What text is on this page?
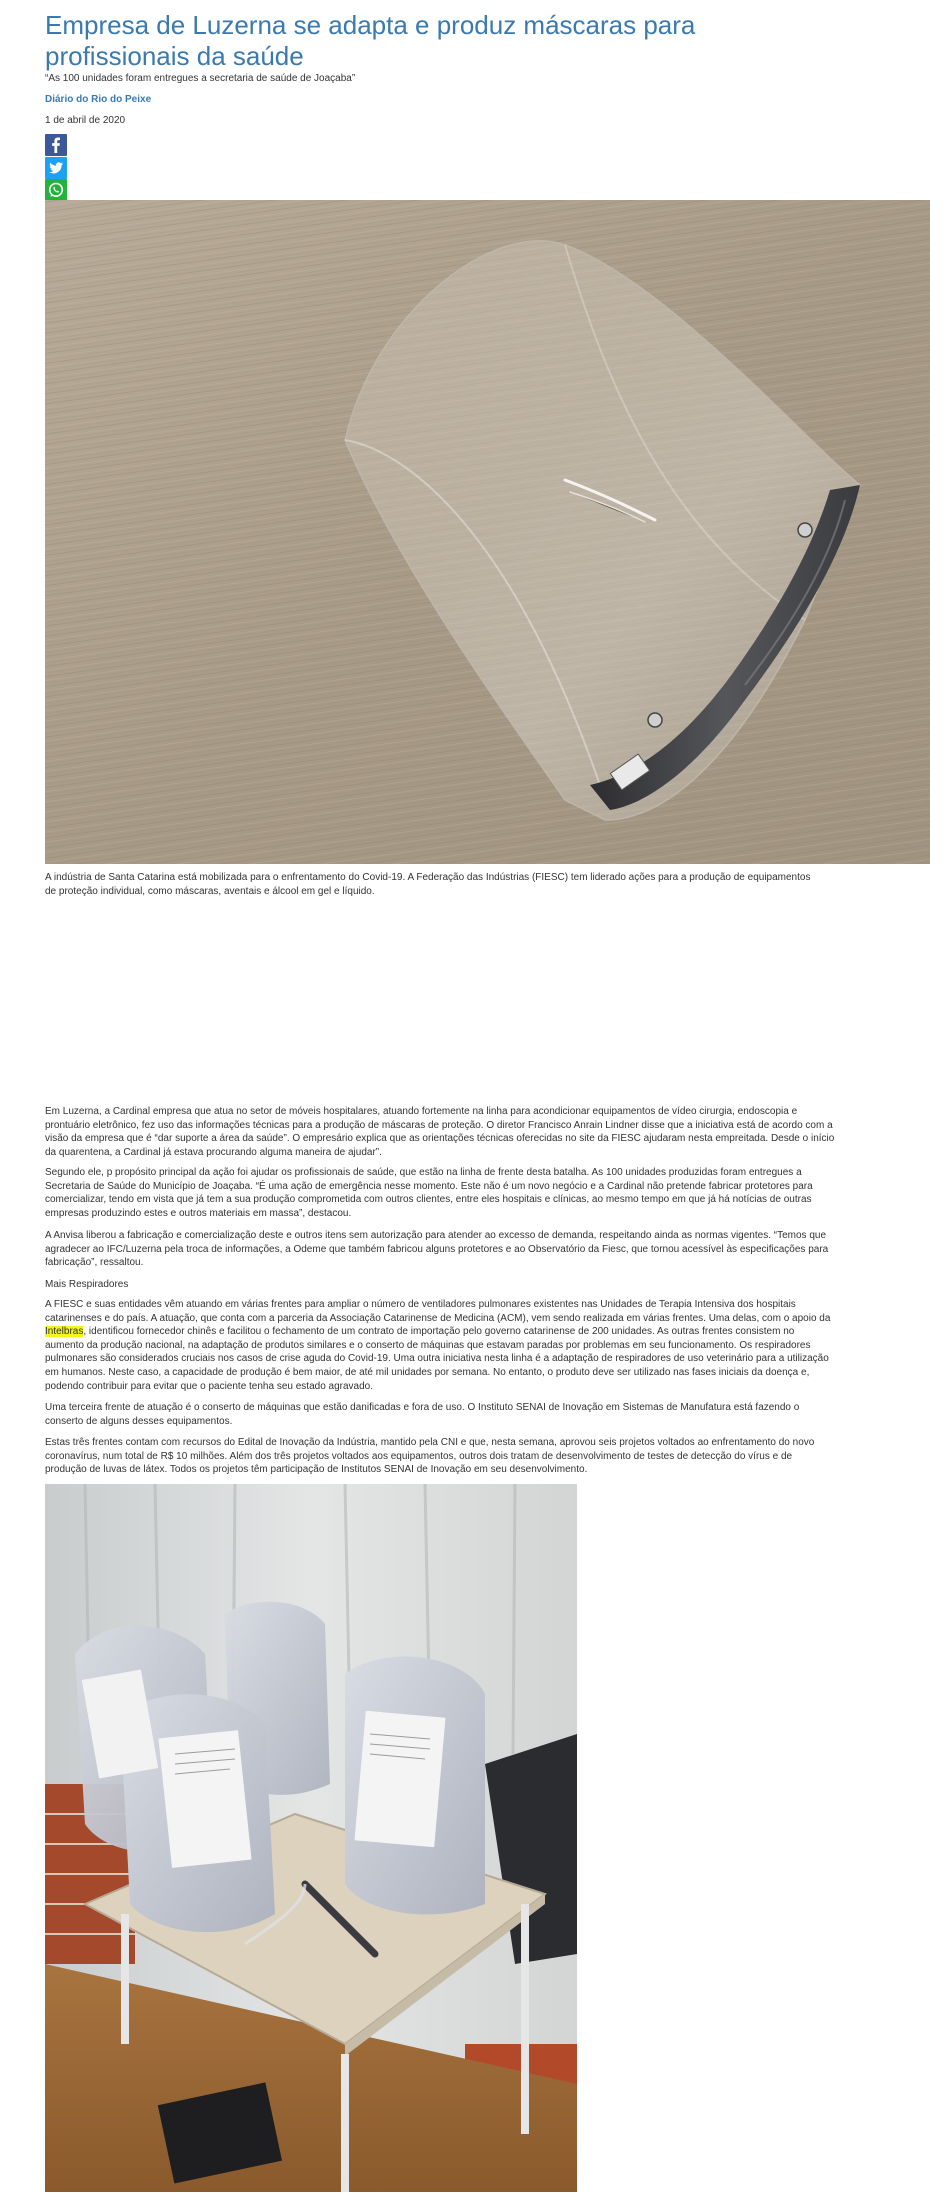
Empresa de Luzerna se adapta e produz máscaras para profissionais da saúde

“As 100 unidades foram entregues a secretaria de saúde de Joaçaba”

Diário do Rio do Peixe

1 de abril de 2020

A indústria de Santa Catarina está mobilizada para o enfrentamento do Covid-19. A Federação das Indústrias (FIESC) tem liderado ações para a produção de equipamentos de proteção individual, como máscaras, aventais e álcool em gel e líquido.

Em Luzerna, a Cardinal empresa que atua no setor de móveis hospitalares, atuando fortemente na linha para acondicionar equipamentos de vídeo cirurgia, endoscopia e prontuário eletrônico, fez uso das informações técnicas para a produção de máscaras de proteção. O diretor Francisco Anrain Lindner disse que a iniciativa está de acordo com a visão da empresa que é “dar suporte a área da saúde”. O empresário explica que as orientações técnicas oferecidas no site da FIESC ajudaram nesta empreitada. Desde o início da quarentena, a Cardinal já estava procurando alguma maneira de ajudar”.

Segundo ele, p propósito principal da ação foi ajudar os profissionais de saúde, que estão na linha de frente desta batalha. As 100 unidades produzidas foram entregues a Secretaria de Saúde do Município de Joaçaba. “É uma ação de emergência nesse momento. Este não é um novo negócio e a Cardinal não pretende fabricar protetores para comercializar, tendo em vista que já tem a sua produção comprometida com outros clientes, entre eles hospitais e clínicas, ao mesmo tempo em que já há notícias de outras empresas produzindo estes e outros materiais em massa”, destacou.

A Anvisa liberou a fabricação e comercialização deste e outros itens sem autorização para atender ao excesso de demanda, respeitando ainda as normas vigentes. “Temos que agradecer ao IFC/Luzerna pela troca de informações, a Odeme que também fabricou alguns protetores e ao Observatório da Fiesc, que tornou acessível às especificações para fabricação”, ressaltou.

Mais Respiradores

A FIESC e suas entidades vêm atuando em várias frentes para ampliar o número de ventiladores pulmonares existentes nas Unidades de Terapia Intensiva dos hospitais catarinenses e do país. A atuação, que conta com a parceria da Associação Catarinense de Medicina (ACM), vem sendo realizada em várias frentes. Uma delas, com o apoio da Intelbras, identificou fornecedor chinês e facilitou o fechamento de um contrato de importação pelo governo catarinense de 200 unidades. As outras frentes consistem no aumento da produção nacional, na adaptação de produtos similares e o conserto de máquinas que estavam paradas por problemas em seu funcionamento. Os respiradores pulmonares são considerados cruciais nos casos de crise aguda do Covid-19. Uma outra iniciativa nesta linha é a adaptação de respiradores de uso veterinário para a utilização em humanos. Neste caso, a capacidade de produção é bem maior, de até mil unidades por semana. No entanto, o produto deve ser utilizado nas fases iniciais da doença e, podendo contribuir para evitar que o paciente tenha seu estado agravado.

Uma terceira frente de atuação é o conserto de máquinas que estão danificadas e fora de uso. O Instituto SENAI de Inovação em Sistemas de Manufatura está fazendo o conserto de alguns desses equipamentos.

Estas três frentes contam com recursos do Edital de Inovação da Indústria, mantido pela CNI e que, nesta semana, aprovou seis projetos voltados ao enfrentamento do novo coronavírus, num total de R$ 10 milhões. Além dos três projetos voltados aos equipamentos, outros dois tratam de desenvolvimento de testes de detecção do vírus e de produção de luvas de látex. Todos os projetos têm participação de Institutos SENAI de Inovação em seu desenvolvimento.
